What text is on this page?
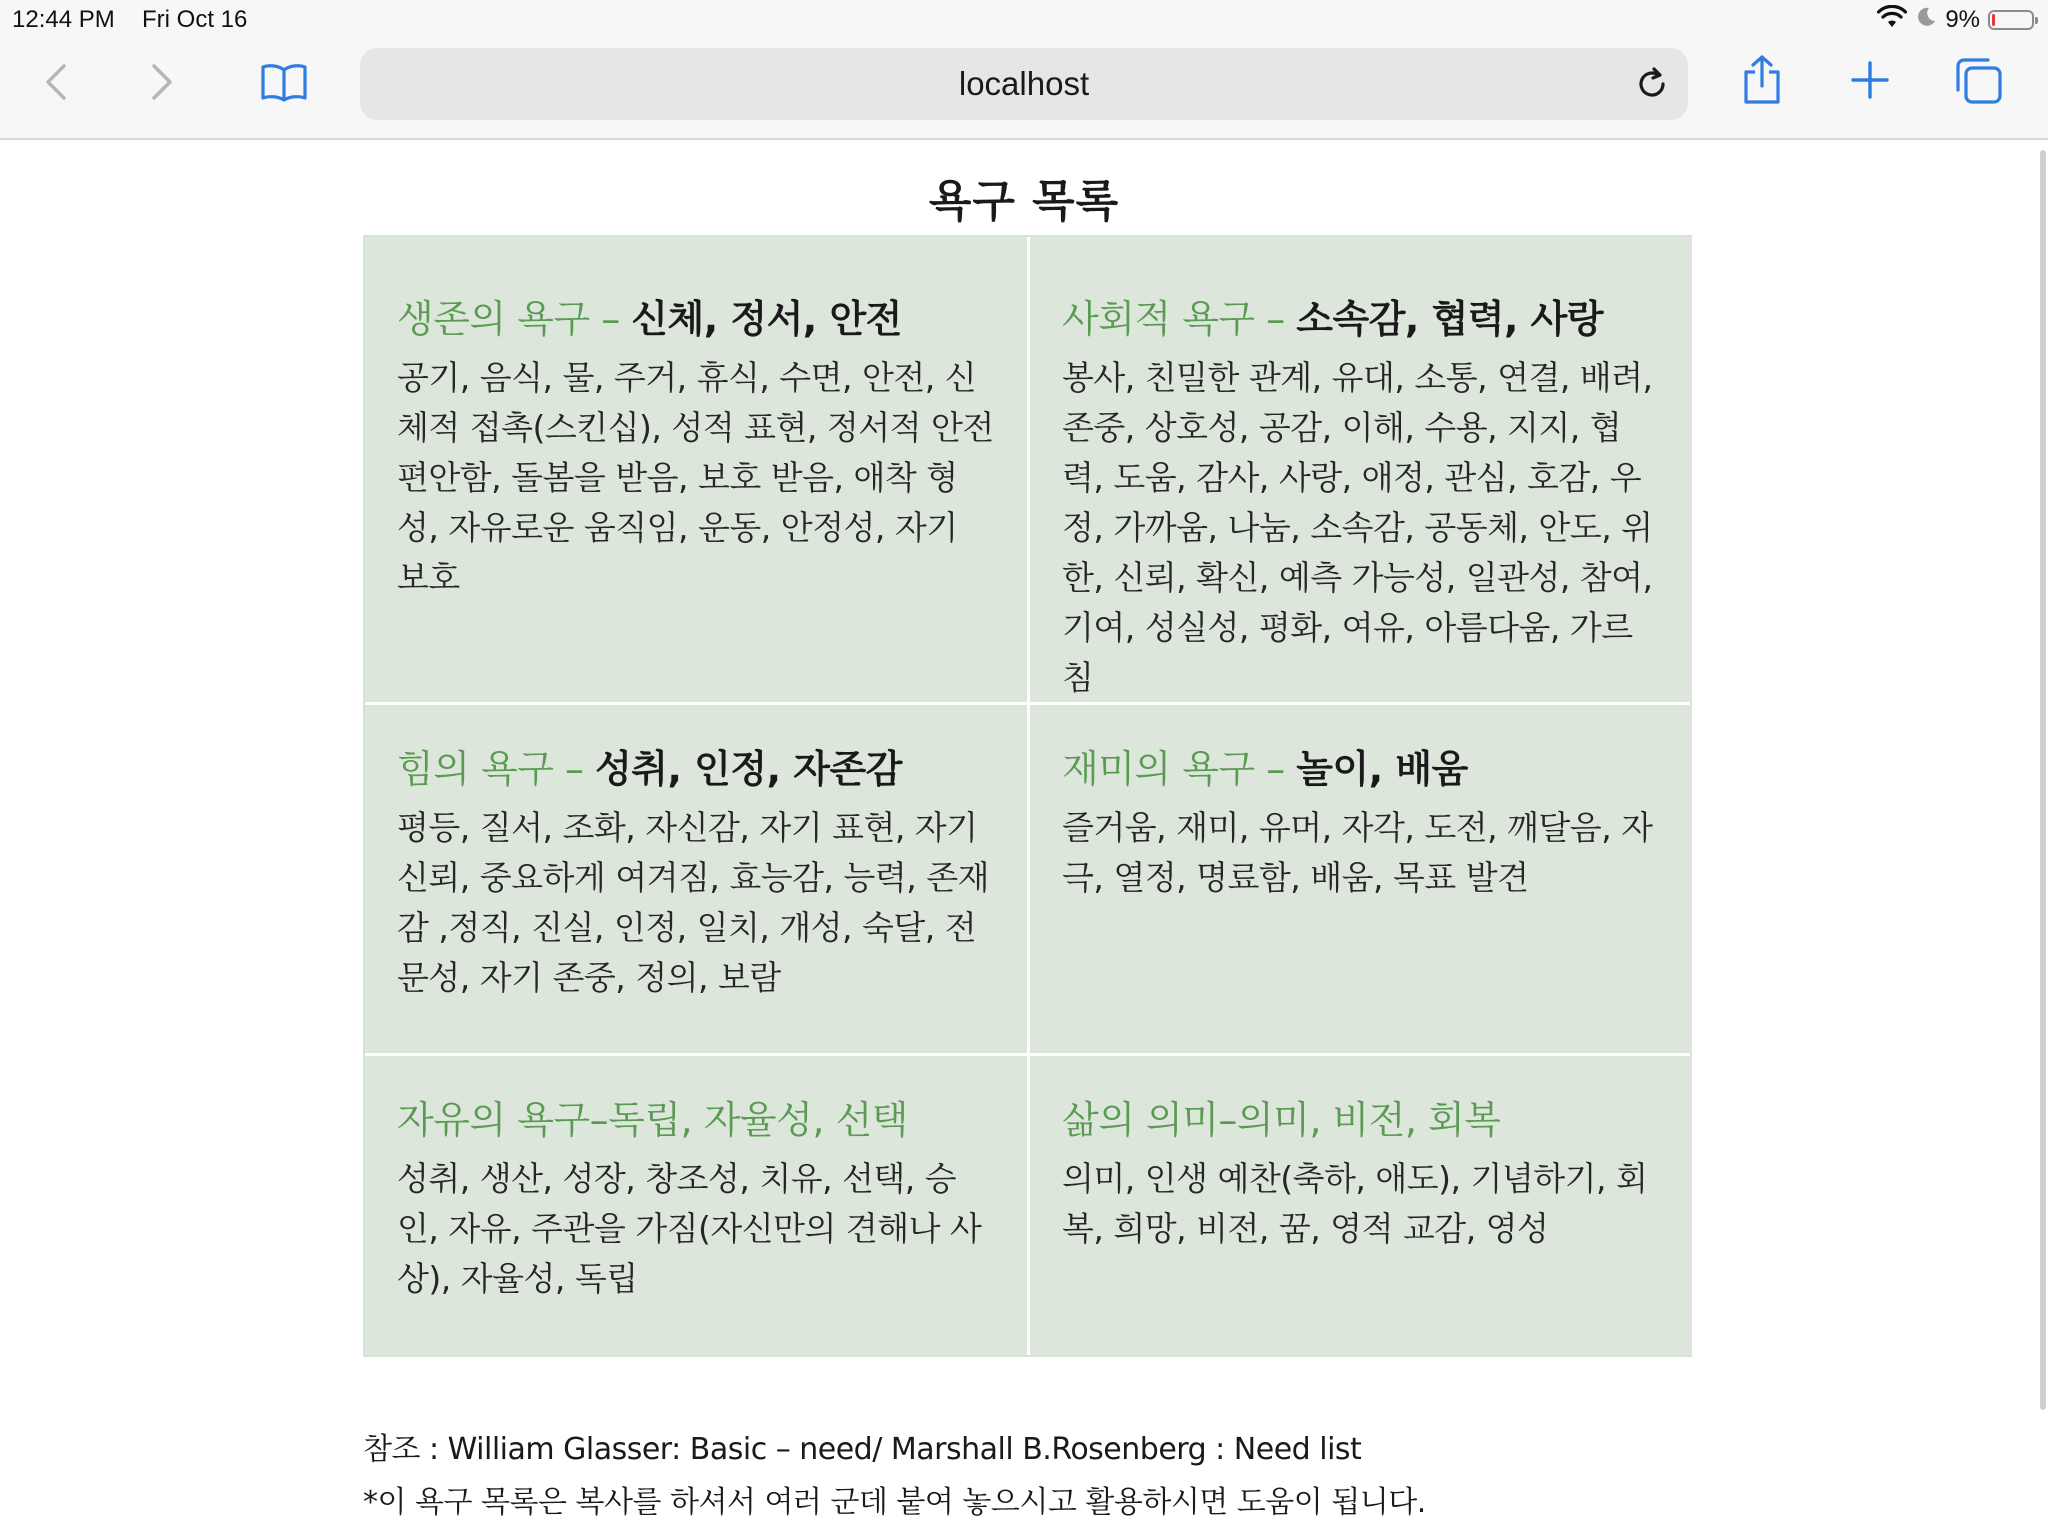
12:44 PM Fri Oct 16	9%
localhost
욕구 목록
생존의 욕구 – 신체, 정서, 안전

공기, 음식, 물, 주거, 휴식, 수면, 안전, 신체적 접촉(스킨십), 성적 표현, 정서적 안전

편안함, 돌봄을 받음, 보호 받음, 애착 형성, 자유로운 움직임, 운동, 안정성, 자기 보호

사회적 욕구 – 소속감, 협력, 사랑

봉사, 친밀한 관계, 유대, 소통, 연결, 배려, 존중, 상호성, 공감, 이해, 수용, 지지, 협력, 도움, 감사, 사랑, 애정, 관심, 호감, 우정, 가까움, 나눔, 소속감, 공동체, 안도, 위한, 신뢰, 확신, 예측 가능성, 일관성, 참여, 기여, 성실성, 평화, 여유, 아름다움, 가르침

힘의 욕구 – 성취, 인정, 자존감

평등, 질서, 조화, 자신감, 자기 표현, 자기 신뢰, 중요하게 여겨짐, 효능감, 능력, 존재감 ,정직, 진실, 인정, 일치, 개성, 숙달, 전문성, 자기 존중, 정의, 보람

재미의 욕구 – 놀이, 배움

즐거움, 재미, 유머, 자각, 도전, 깨달음, 자극, 열정, 명료함, 배움, 목표 발견

자유의 욕구–독립, 자율성, 선택

성취, 생산, 성장, 창조성, 치유, 선택, 승인, 자유, 주관을 가짐(자신만의 견해나 사상), 자율성, 독립

삶의 의미–의미, 비전, 회복

의미, 인생 예찬(축하, 애도), 기념하기, 회복, 희망, 비전, 꿈, 영적 교감, 영성

참조 : William Glasser: Basic – need/ Marshall B.Rosenberg : Need list
*이 욕구 목록은 복사를 하셔서 여러 군데 붙여 놓으시고 활용하시면 도움이 됩니다.
